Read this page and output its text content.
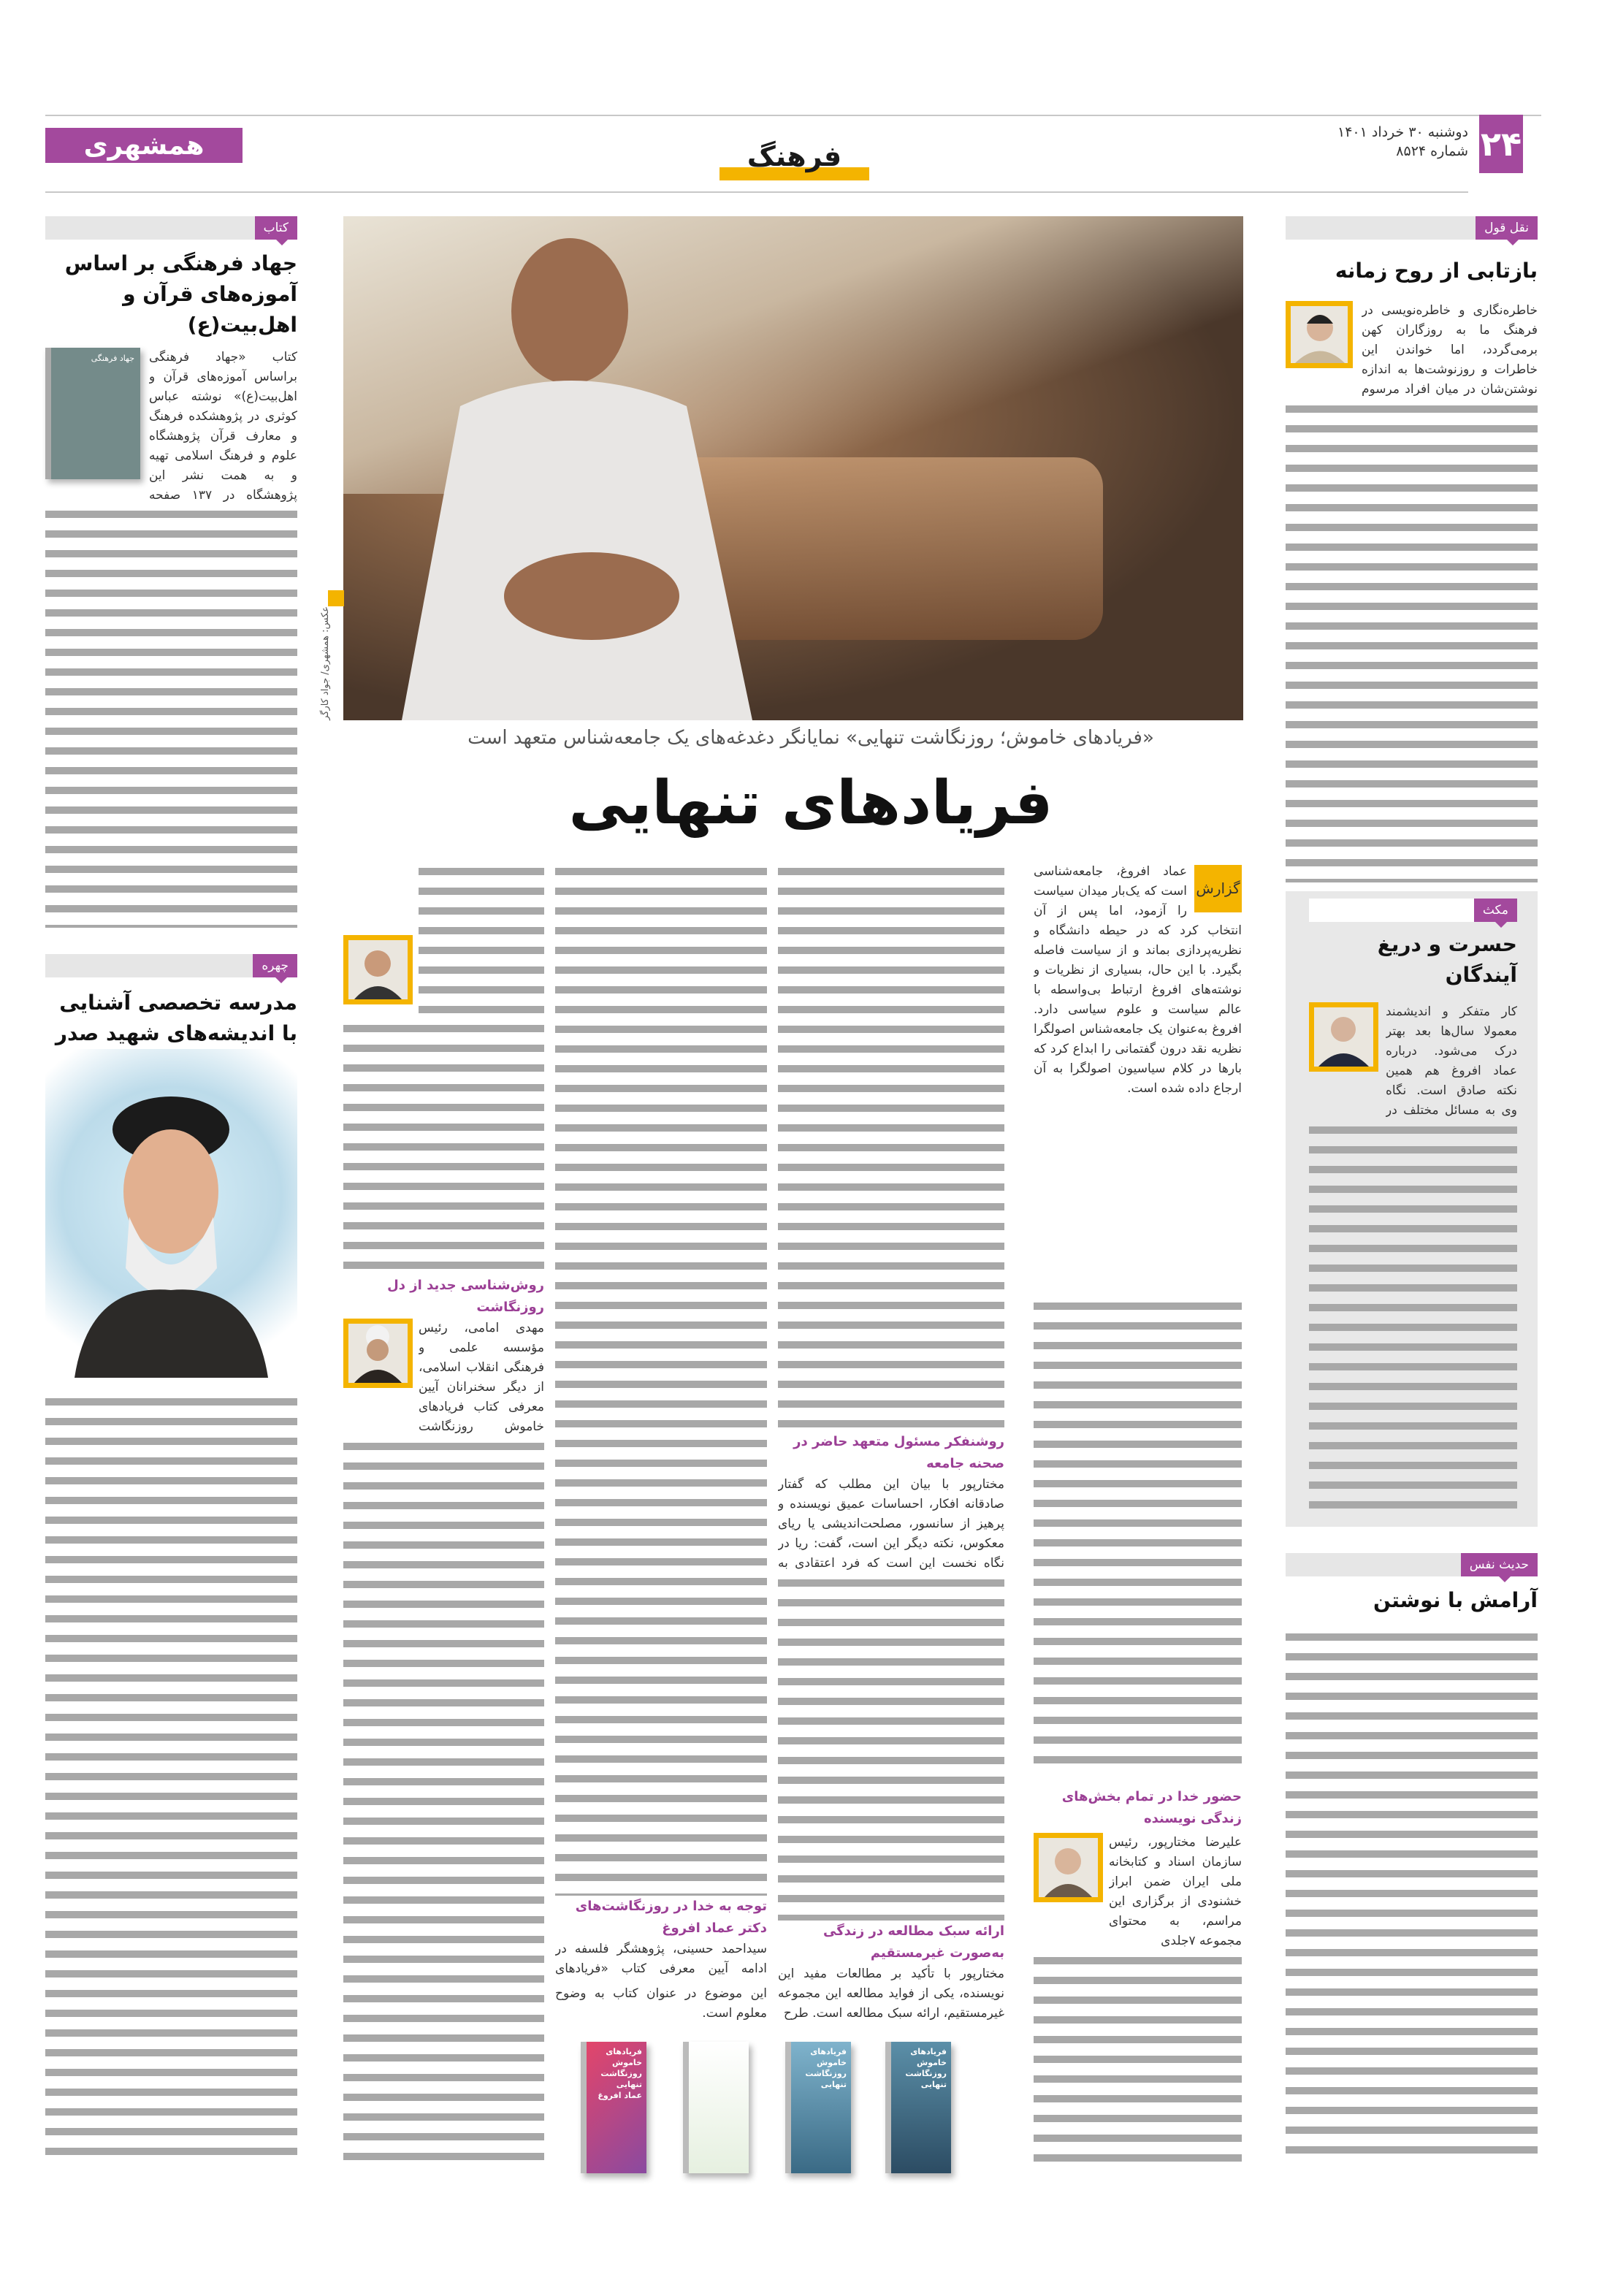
همشهری	فرهنگ	۲۴
دوشنبه ۳۰ خرداد ۱۴۰۱
شماره ۸۵۲۴
عکس: همشهری/ جواد کارگر
«فریادهای خاموش؛ روزنگاشت تنهایی» نمایانگر دغدغه‌های یک جامعه‌شناس متعهد است
فریادهای تنهایی
گزارش
عماد افروغ، جامعه‌شناسی است که یک‌بار میدان سیاست را آزمود، اما پس از آن انتخاب کرد که در حیطه دانشگاه و نظریه‌پردازی بماند و از سیاست فاصله بگیرد. با این حال، بسیاری از نظریات و نوشته‌های افروغ ارتباط بی‌واسطه با عالم سیاست و علوم سیاسی دارد. افروغ به‌عنوان یک جامعه‌شناس اصولگرا نظریه نقد درون گفتمانی را ابداع کرد که بارها در کلام سیاسیون اصولگرا به آن ارجاع داده شده است.
حضور خدا در تمام بخش‌های زندگی نویسنده
علیرضا مختارپور، رئیس سازمان اسناد و کتابخانه ملی ایران ضمن ابراز خشنودی از برگزاری این مراسم، به محتوای مجموعه ۷جلدی
روشنفکر مسئول متعهد حاضر در صحنه جامعه
مختارپور با بیان این مطلب که گفتار صادقانه افکار، احساسات عمیق نویسنده و پرهیز از سانسور، مصلحت‌اندیشی یا ریای معکوس، نکته دیگر این است، گفت: ریا در نگاه نخست این است که فرد اعتقادی به
ارائه سبک مطالعه در زندگی به‌صورت غیرمستقیم
مختارپور با تأکید بر مطالعات مفید این نویسنده، یکی از فواید مطالعه این مجموعه
غیرمستقیم، ارائه سبک مطالعه است. طرح
توجه به خدا در روزنگاشت‌های دکتر عماد افروغ
سیداحمد حسینی، پژوهشگر فلسفه در ادامه آیین معرفی کتاب «فریادهای
این موضوع در عنوان کتاب به وضوح معلوم است.
روش‌شناسی جدید از دل روزنگاشت
مهدی امامی، رئیس مؤسسه علمی و فرهنگی انقلاب اسلامی، از دیگر سخنرانان آیین معرفی کتاب فریادهای خاموش روزنگاشت
فریادهای خاموش روزنگاشت تنهایی
فریادهای خاموش روزنگاشت تنهایی
فریادهای خاموش روزنگاشت تنهایی
عماد افروغ
کتاب
جهاد فرهنگی بر اساس آموزه‌های قرآن و اهل‌بیت(ع)
کتاب «جهاد فرهنگی براساس آموزه‌های قرآن و اهل‌بیت(ع)» نوشته عباس کوثری در پژوهشکده فرهنگ و معارف قرآن پژوهشگاه علوم و فرهنگ اسلامی تهیه و به همت نشر این پژوهشگاه در ۱۳۷ صفحه
جهاد فرهنگی
چهره
مدرسه تخصصی آشنایی با اندیشه‌های شهید صدر
نقل قول
بازتابی از روح زمانه
خاطره‌نگاری و خاطره‌نویسی در فرهنگ ما به روزگاران کهن برمی‌گردد، اما خواندن این خاطرات و روزنوشت‌ها به اندازه نوشتن‌شان در میان افراد مرسوم
مکث
حسرت و دریغ آیندگان
کار متفکر و اندیشمند معمولا سال‌ها بعد بهتر درک می‌شود. درباره عماد افروغ هم همین نکته صادق است. نگاه وی به مسائل مختلف در
حدیث نفس
آرامش با نوشتن
